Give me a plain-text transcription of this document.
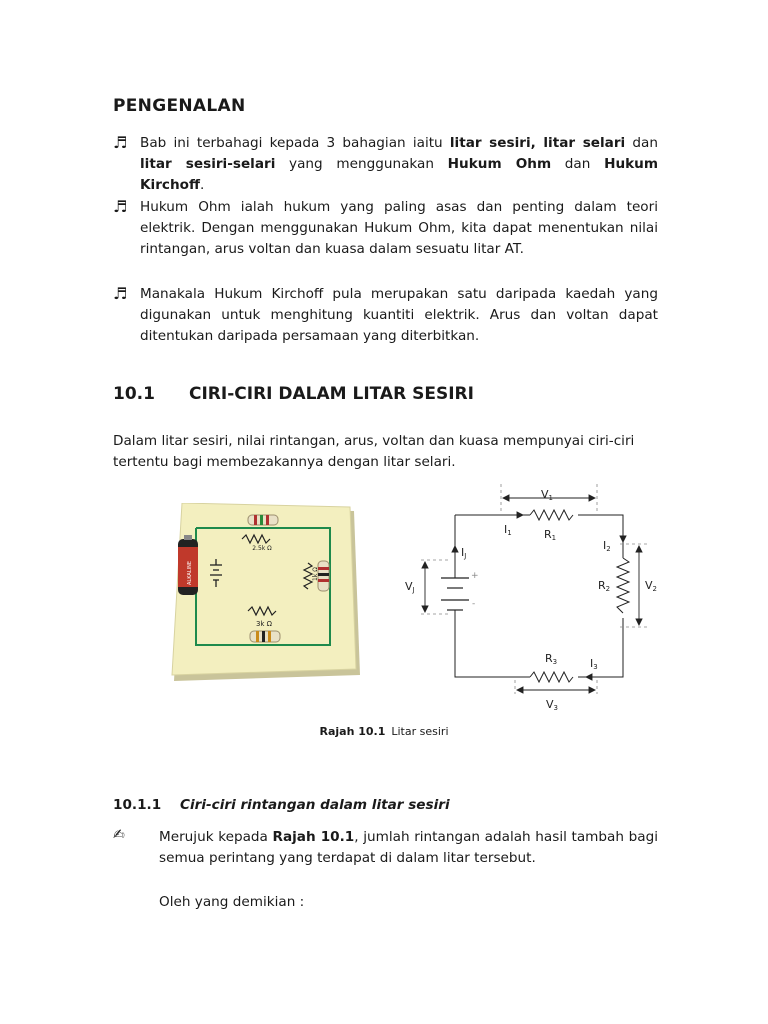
PENGENALAN
♬ Bab ini terbahagi kepada 3 bahagian iaitu litar sesiri, litar selari dan litar sesiri-selari yang menggunakan Hukum Ohm dan Hukum Kirchoff.

♬ Hukum Ohm ialah hukum yang paling asas dan penting dalam teori elektrik. Dengan menggunakan Hukum Ohm, kita dapat menentukan nilai rintangan, arus voltan dan kuasa dalam sesuatu litar AT.

♬ Manakala Hukum Kirchoff pula merupakan satu daripada kaedah yang digunakan untuk menghitung kuantiti elektrik. Arus dan voltan dapat ditentukan daripada persamaan yang diterbitkan.

10.1 CIRI-CIRI DALAM LITAR SESIRI

Dalam litar sesiri, nilai rintangan, arus, voltan dan kuasa mempunyai ciri-ciri tertentu bagi membezakannya dengan litar selari.

2.5k Ω
1k Ω
3k Ω
ALKALINE
V1
I1	R1
IJ
VJ
+
-
I2
R2	V2
R3	I3
V3
Rajah 10.1 Litar sesiri
10.1.1 Ciri-ciri rintangan dalam litar sesiri
✍	Merujuk kepada Rajah 10.1, jumlah rintangan adalah hasil tambah bagi semua perintang yang terdapat di dalam litar tersebut.

Oleh yang demikian :
